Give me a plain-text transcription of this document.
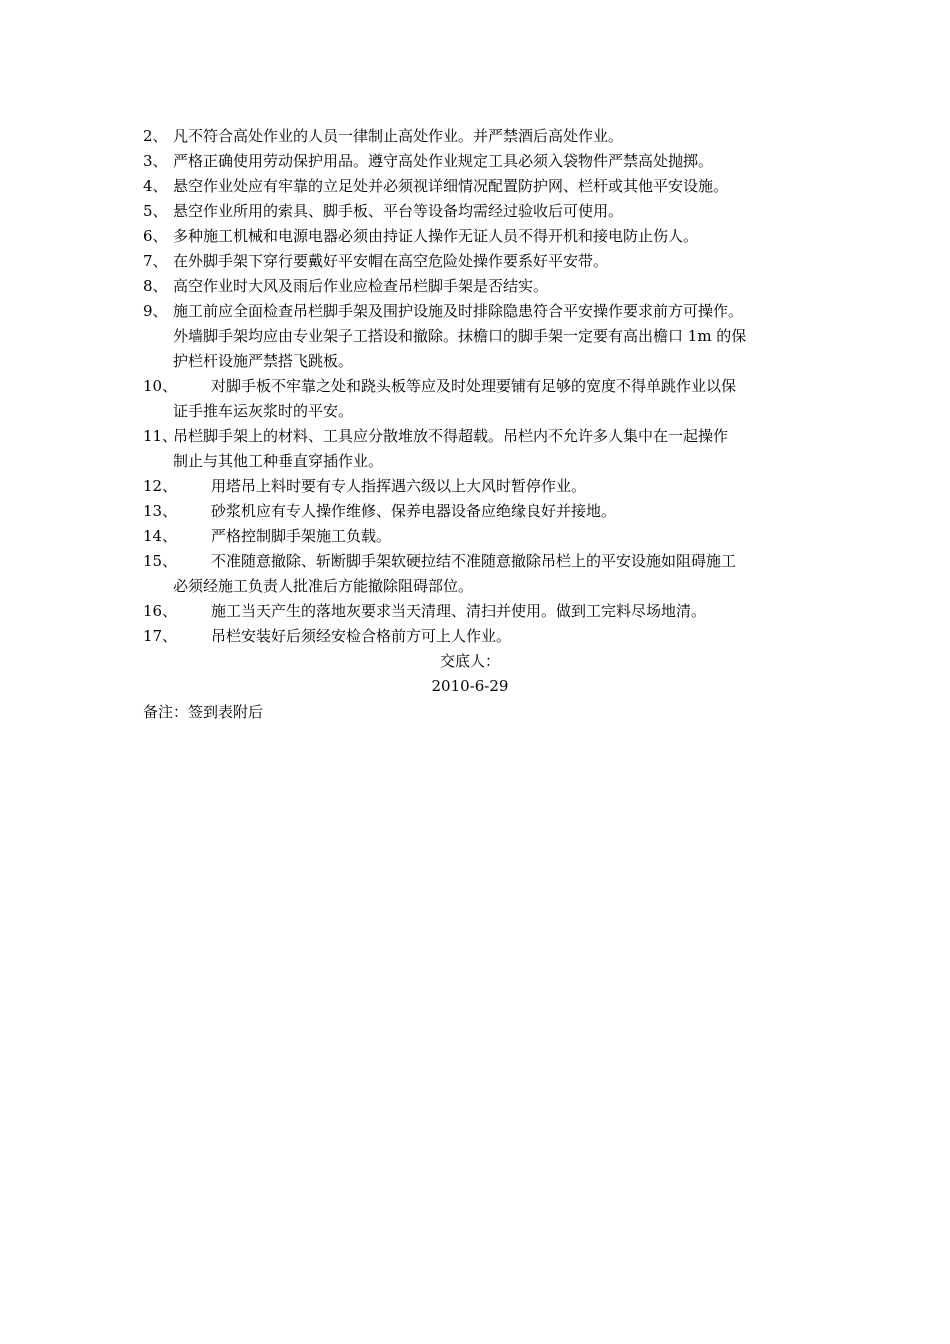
2、 凡不符合高处作业的人员一律制止高处作业。并严禁酒后高处作业。
3、 严格正确使用劳动保护用品。遵守高处作业规定工具必须入袋物件严禁高处抛掷。
4、 悬空作业处应有牢靠的立足处并必须视详细情况配置防护网、栏杆或其他平安设施。
5、 悬空作业所用的索具、脚手板、平台等设备均需经过验收后可使用。
6、 多种施工机械和电源电器必须由持证人操作无证人员不得开机和接电防止伤人。
7、 在外脚手架下穿行要戴好平安帽在高空危险处操作要系好平安带。
8、 高空作业时大风及雨后作业应检查吊栏脚手架是否结实。
9、 施工前应全面检查吊栏脚手架及围护设施及时排除隐患符合平安操作要求前方可操作。
外墙脚手架均应由专业架子工搭设和撤除。抹檐口的脚手架一定要有高出檐口 1m 的保
护栏杆设施严禁搭飞跳板。
10、	对脚手板不牢靠之处和跷头板等应及时处理要铺有足够的宽度不得单跳作业以保
证手推车运灰浆时的平安。
11、
吊栏脚手架上的材料、工具应分散堆放不得超载。吊栏内不允许多人集中在一起操作
制止与其他工种垂直穿插作业。
12、	用塔吊上料时要有专人指挥遇六级以上大风时暂停作业。
13、	砂浆机应有专人操作维修、保养电器设备应绝缘良好并接地。
14、	严格控制脚手架施工负载。
15、	不准随意撤除、斩断脚手架软硬拉结不准随意撤除吊栏上的平安设施如阻碍施工
必须经施工负责人批准后方能撤除阻碍部位。
16、	施工当天产生的落地灰要求当天清理、清扫并使用。做到工完料尽场地清。
17、	吊栏安装好后须经安检合格前方可上人作业。
交底人：
2010-6-29
备注：签到表附后
